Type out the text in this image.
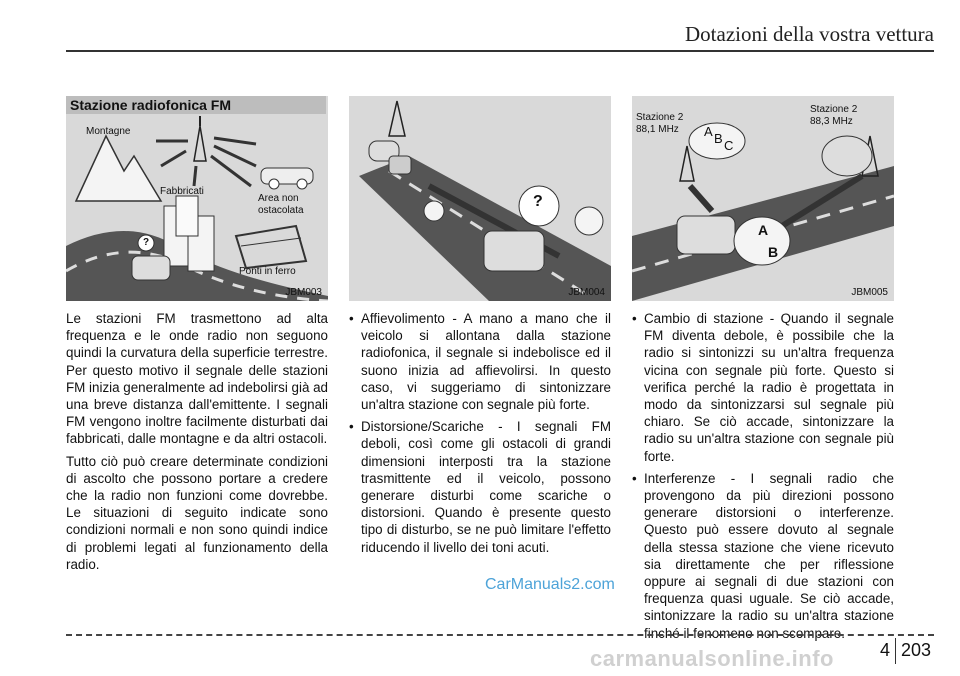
Dotazioni della vostra vettura
Stazione radiofonica FM
Montagne
Fabbricati
Area non
ostacolata
Ponti in ferro
?
JBM003
?
JBM004
Stazione 2
88,1 MHz
Stazione 2
88,3 MHz
A B C
A
B
JBM005

Le stazioni FM trasmettono ad alta frequenza e le onde radio non seguono quindi la curvatura della superficie terrestre. Per questo motivo il segnale delle stazioni FM inizia generalmente ad indebolirsi già ad una breve distanza dall'emittente. I segnali FM vengono inoltre facilmente disturbati dai fabbricati, dalle montagne e da altri ostacoli.

Tutto ciò può creare determinate condizioni di ascolto che possono portare a credere che la radio non funzioni come dovrebbe. Le situazioni di seguito indicate sono condizioni normali e non sono quindi indice di problemi legati al funzionamento della radio.

• Affievolimento - A mano a mano che il veicolo si allontana dalla stazione radiofonica, il segnale si indebolisce ed il suono inizia ad affievolirsi. In questo caso, vi suggeriamo di sintonizzare un'altra stazione con segnale più forte.
• Distorsione/Scariche - I segnali FM deboli, così come gli ostacoli di grandi dimensioni interposti tra la stazione trasmittente ed il veicolo, possono generare disturbi come scariche o distorsioni. Quando è presente questo tipo di disturbo, se ne può limitare l'effetto riducendo il livello dei toni acuti.
• Cambio di stazione - Quando il segnale FM diventa debole, è possibile che la radio si sintonizzi su un'altra frequenza vicina con segnale più forte. Questo si verifica perché la radio è progettata in modo da sintonizzarsi sul segnale più chiaro. Se ciò accade, sintonizzare la radio su un'altra stazione con segnale più forte.
• Interferenze - I segnali radio che provengono da più direzioni possono generare distorsioni o interferenze. Questo può essere dovuto al segnale della stessa stazione che viene ricevuto sia direttamente che per riflessione oppure ai segnali di due stazioni con frequenza quasi uguale. Se ciò accade, sintonizzare la radio su un'altra stazione finché il fenomeno non scompare.
CarManuals2.com
4 203
carmanualsonline.info
